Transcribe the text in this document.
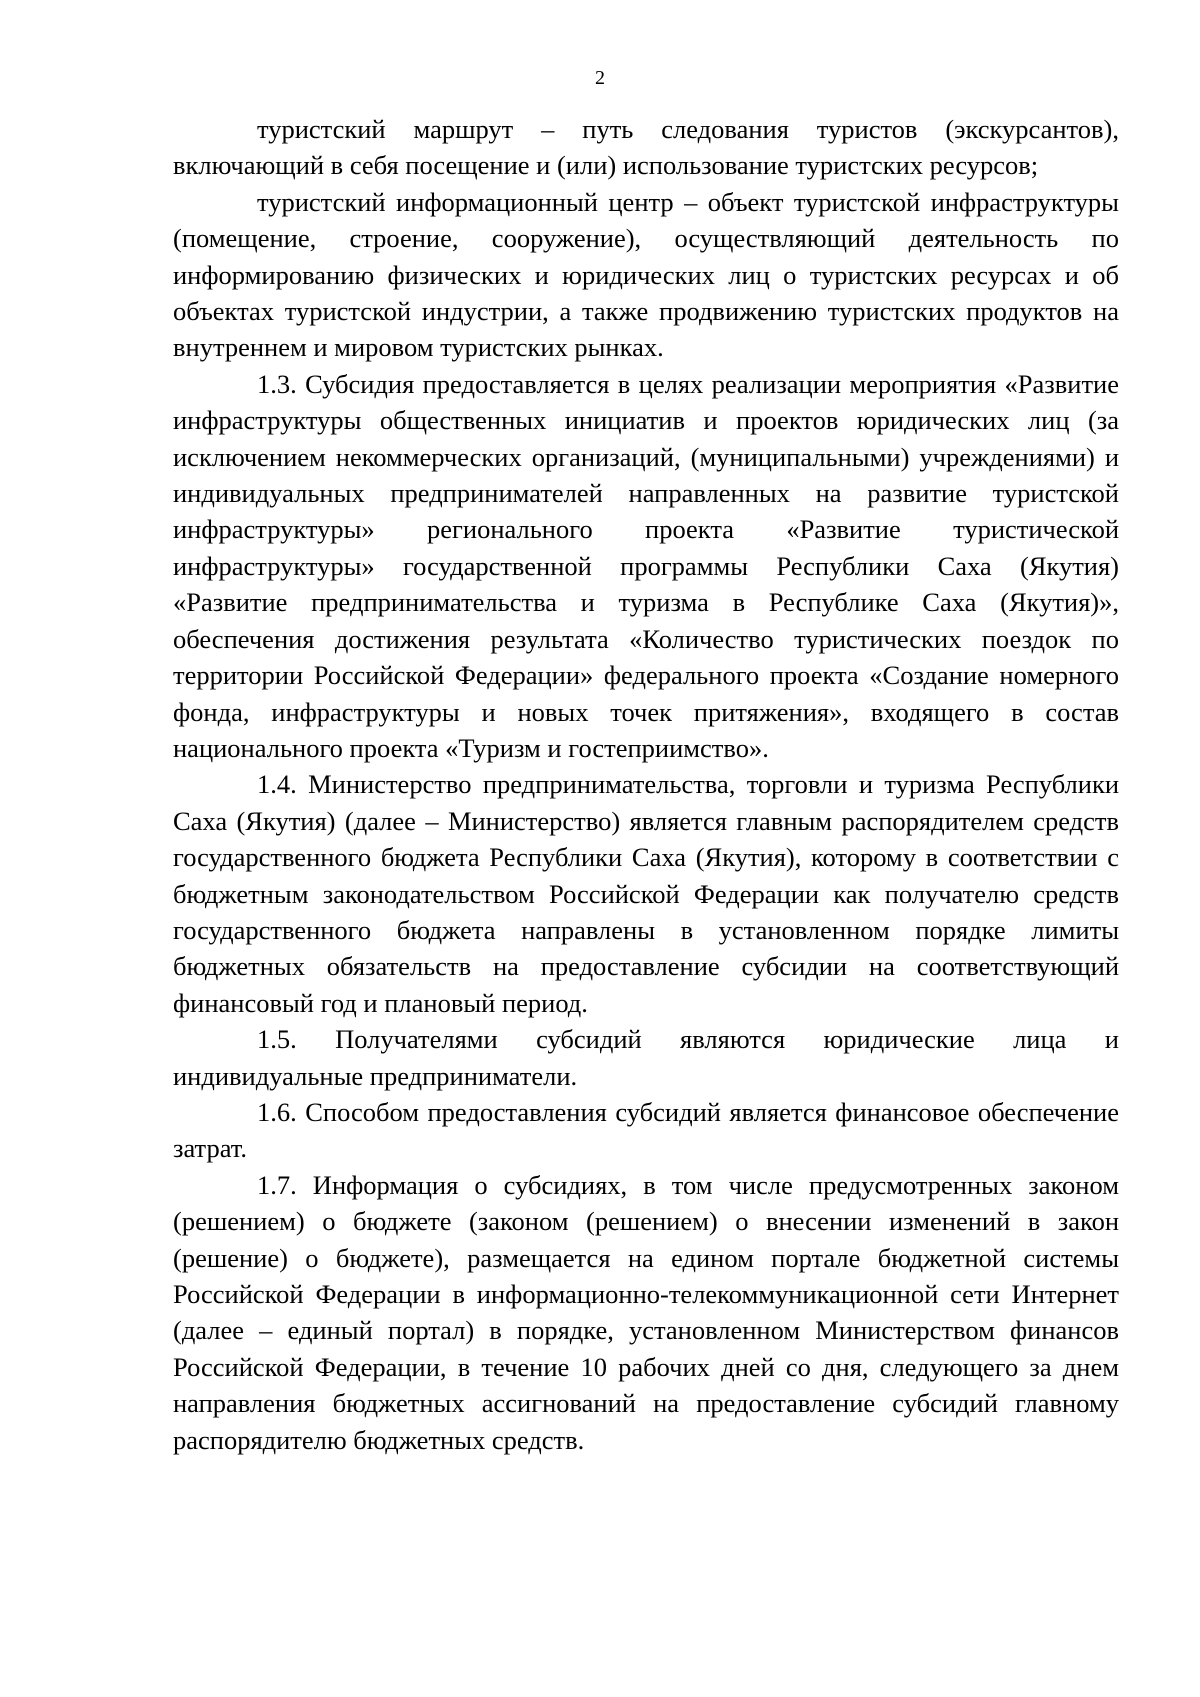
2

туристский маршрут – путь следования туристов (экскурсантов), включающий в себя посещение и (или) использование туристских ресурсов;

туристский информационный центр – объект туристской инфраструктуры (помещение, строение, сооружение), осуществляющий деятельность по информированию физических и юридических лиц о туристских ресурсах и об объектах туристской индустрии, а также продвижению туристских продуктов на внутреннем и мировом туристских рынках.

1.3. Субсидия предоставляется в целях реализации мероприятия «Развитие инфраструктуры общественных инициатив и проектов юридических лиц (за исключением некоммерческих организаций, (муниципальными) учреждениями) и индивидуальных предпринимателей направленных на развитие туристской инфраструктуры» регионального проекта «Развитие туристической инфраструктуры» государственной программы Республики Саха (Якутия) «Развитие предпринимательства и туризма в Республике Саха (Якутия)», обеспечения достижения результата «Количество туристических поездок по территории Российской Федерации» федерального проекта «Создание номерного фонда, инфраструктуры и новых точек притяжения», входящего в состав национального проекта «Туризм и гостеприимство».

1.4. Министерство предпринимательства, торговли и туризма Республики Саха (Якутия) (далее – Министерство) является главным распорядителем средств государственного бюджета Республики Саха (Якутия), которому в соответствии с бюджетным законодательством Российской Федерации как получателю средств государственного бюджета направлены в установленном порядке лимиты бюджетных обязательств на предоставление субсидии на соответствующий финансовый год и плановый период.

1.5. Получателями субсидий являются юридические лица и индивидуальные предприниматели.

1.6. Способом предоставления субсидий является финансовое обеспечение затрат.

1.7. Информация о субсидиях, в том числе предусмотренных законом (решением) о бюджете (законом (решением) о внесении изменений в закон (решение) о бюджете), размещается на едином портале бюджетной системы Российской Федерации в информационно-телекоммуникационной сети Интернет (далее – единый портал) в порядке, установленном Министерством финансов Российской Федерации, в течение 10 рабочих дней со дня, следующего за днем направления бюджетных ассигнований на предоставление субсидий главному распорядителю бюджетных средств.
